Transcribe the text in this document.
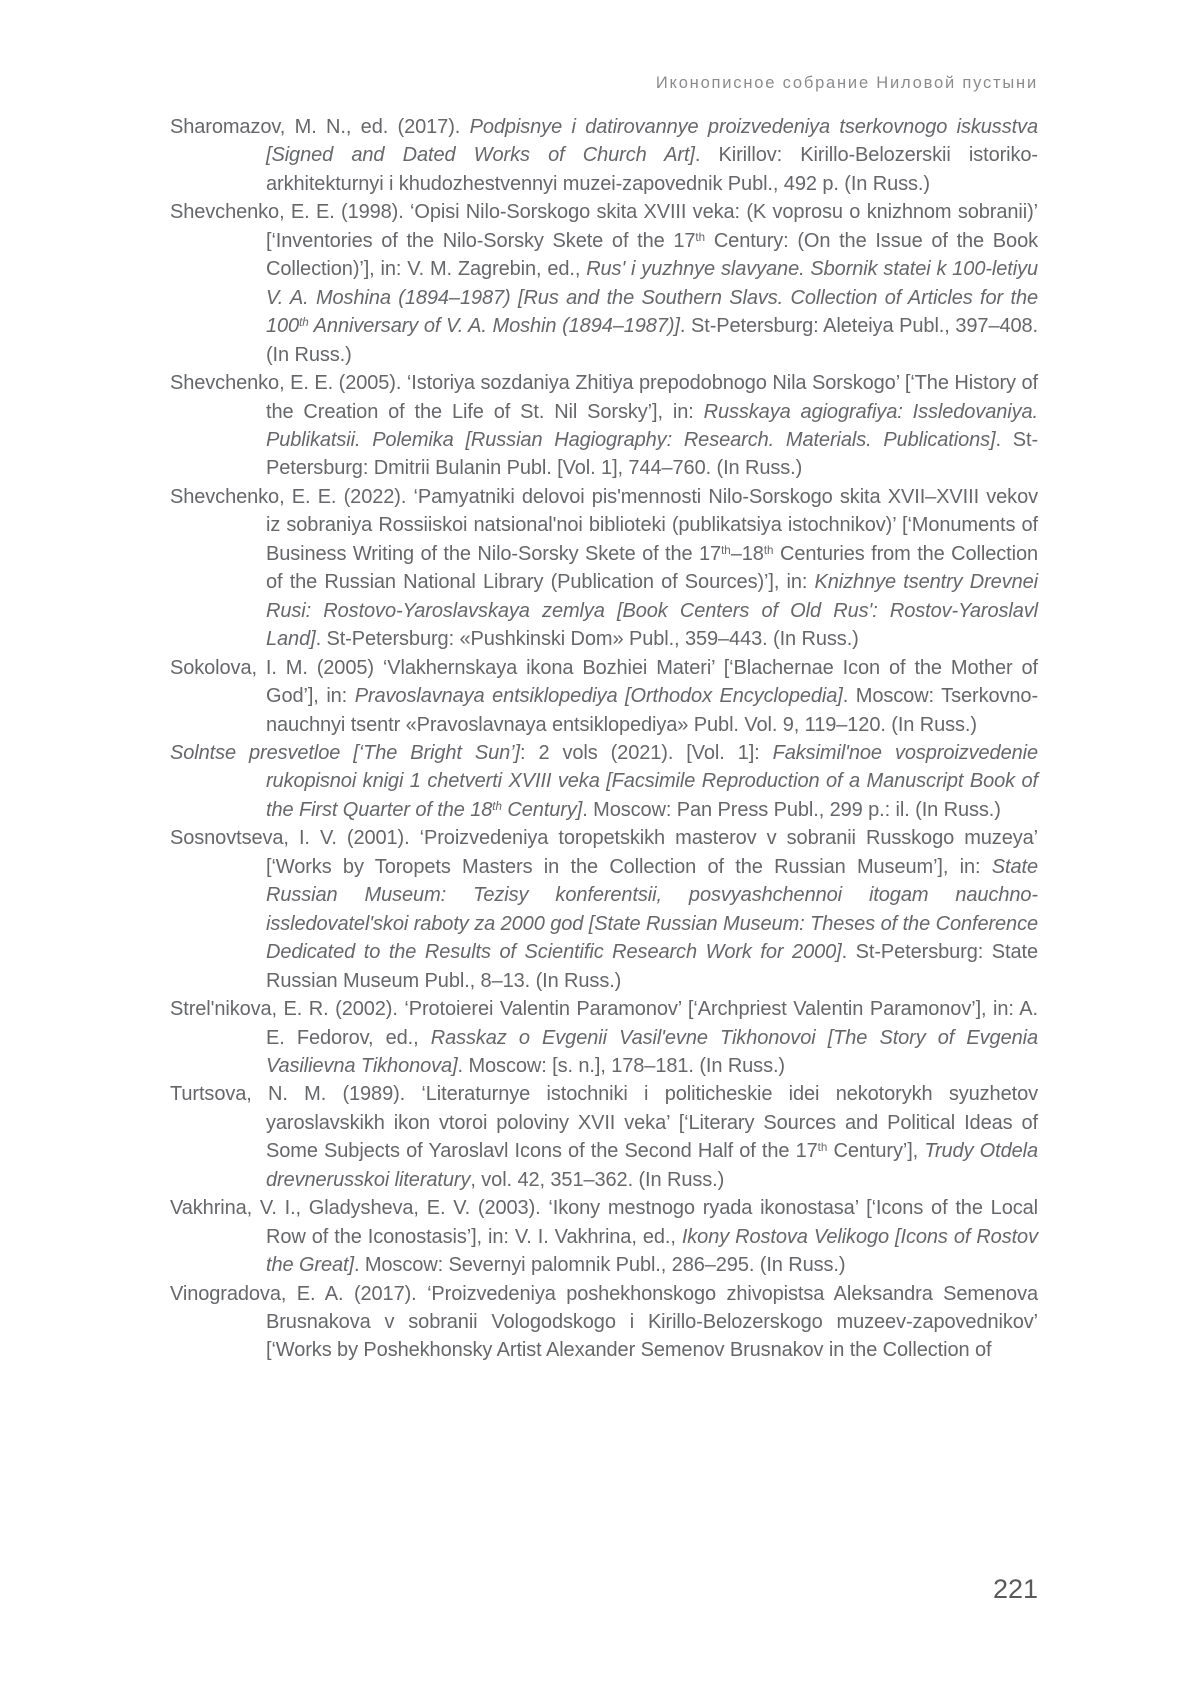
Иконописное собрание Ниловой пустыни

Sharomazov, M. N., ed. (2017). Podpisnye i datirovannye proizvedeniya tserkovnogo iskusstva [Signed and Dated Works of Church Art]. Kirillov: Kirillo-Belozerskii istoriko-arkhitekturnyi i khudozhestvennyi muzei-zapovednik Publ., 492 p. (In Russ.)

Shevchenko, E. E. (1998). ‘Opisi Nilo-Sorskogo skita XVIII veka: (K voprosu o knizhnom sobranii)’ [‘Inventories of the Nilo-Sorsky Skete of the 17th Century: (On the Issue of the Book Collection)’], in: V. M. Zagrebin, ed., Rus' i yuzhnye slavyane. Sbornik statei k 100-letiyu V. A. Moshina (1894–1987) [Rus and the Southern Slavs. Collection of Articles for the 100th Anniversary of V. A. Moshin (1894–1987)]. St-Petersburg: Aleteiya Publ., 397–408. (In Russ.)

Shevchenko, E. E. (2005). ‘Istoriya sozdaniya Zhitiya prepodobnogo Nila Sorskogo’ [‘The History of the Creation of the Life of St. Nil Sorsky’], in: Russkaya agiografiya: Issledovaniya. Publikatsii. Polemika [Russian Hagiography: Research. Materials. Publications]. St-Petersburg: Dmitrii Bulanin Publ. [Vol. 1], 744–760. (In Russ.)

Shevchenko, E. E. (2022). ‘Pamyatniki delovoi pis'mennosti Nilo-Sorskogo skita XVII–XVIII vekov iz sobraniya Rossiiskoi natsional'noi biblioteki (publikatsiya istochnikov)’ [‘Monuments of Business Writing of the Nilo-Sorsky Skete of the 17th–18th Centuries from the Collection of the Russian National Library (Publication of Sources)’], in: Knizhnye tsentry Drevnei Rusi: Rostovo-Yaroslavskaya zemlya [Book Centers of Old Rus': Rostov-Yaroslavl Land]. St-Petersburg: «Pushkinski Dom» Publ., 359–443. (In Russ.)

Sokolova, I. M. (2005) ‘Vlakhernskaya ikona Bozhiei Materi’ [‘Blachernae Icon of the Mother of God’], in: Pravoslavnaya entsiklopediya [Orthodox Encyclopedia]. Moscow: Tserkovno-nauchnyi tsentr «Pravoslavnaya entsiklopediya» Publ. Vol. 9, 119–120. (In Russ.)

Solntse presvetloe [‘The Bright Sun’]: 2 vols (2021). [Vol. 1]: Faksimil'noe vosproizvedenie rukopisnoi knigi 1 chetverti XVIII veka [Facsimile Reproduction of a Manuscript Book of the First Quarter of the 18th Century]. Moscow: Pan Press Publ., 299 p.: il. (In Russ.)

Sosnovtseva, I. V. (2001). ‘Proizvedeniya toropetskikh masterov v sobranii Russkogo muzeya’ [‘Works by Toropets Masters in the Collection of the Russian Museum’], in: State Russian Museum: Tezisy konferentsii, posvyashchennoi itogam nauchno-issledovatel'skoi raboty za 2000 god [State Russian Museum: Theses of the Conference Dedicated to the Results of Scientific Research Work for 2000]. St-Petersburg: State Russian Museum Publ., 8–13. (In Russ.)

Strel'nikova, E. R. (2002). ‘Protoierei Valentin Paramonov’ [‘Archpriest Valentin Paramonov’], in: A. E. Fedorov, ed., Rasskaz o Evgenii Vasil'evne Tikhonovoi [The Story of Evgenia Vasilievna Tikhonova]. Moscow: [s. n.], 178–181. (In Russ.)

Turtsova, N. M. (1989). ‘Literaturnye istochniki i politicheskie idei nekotorykh syuzhetov yaroslavskikh ikon vtoroi poloviny XVII veka’ [‘Literary Sources and Political Ideas of Some Subjects of Yaroslavl Icons of the Second Half of the 17th Century’], Trudy Otdela drevnerusskoi literatury, vol. 42, 351–362. (In Russ.)

Vakhrina, V. I., Gladysheva, E. V. (2003). ‘Ikony mestnogo ryada ikonostasa’ [‘Icons of the Local Row of the Iconostasis’], in: V. I. Vakhrina, ed., Ikony Rostova Velikogo [Icons of Rostov the Great]. Moscow: Severnyi palomnik Publ., 286–295. (In Russ.)

Vinogradova, E. A. (2017). ‘Proizvedeniya poshekhonskogo zhivopistsa Aleksandra Semenova Brusnakova v sobranii Vologodskogo i Kirillo-Belozerskogo muzeev-zapovednikov’ [‘Works by Poshekhonsky Artist Alexander Semenov Brusnakov in the Collection of

221
